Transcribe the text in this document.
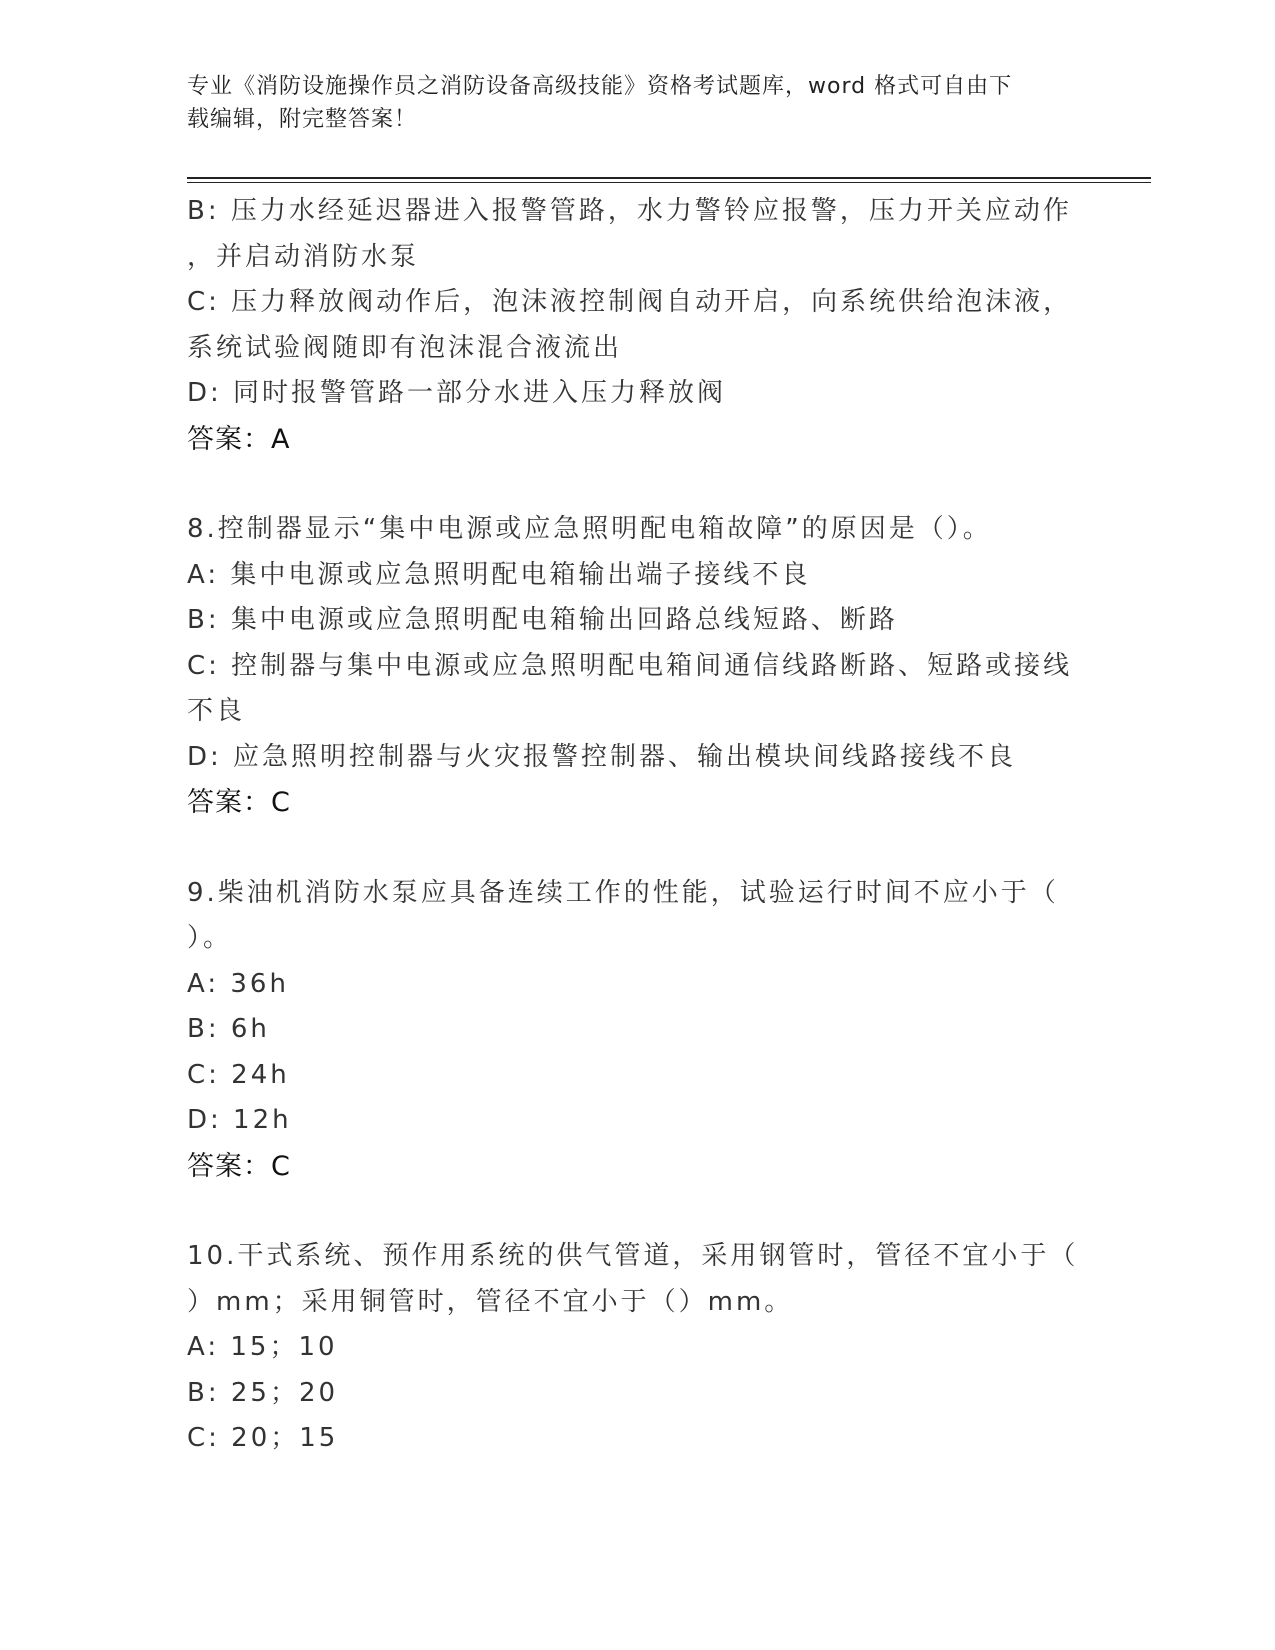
专业《消防设施操作员之消防设备高级技能》资格考试题库，word 格式可自由下
载编辑，附完整答案！
B: 压力水经延迟器进入报警管路，水力警铃应报警，压力开关应动作
，并启动消防水泵
C: 压力释放阀动作后，泡沫液控制阀自动开启，向系统供给泡沫液，
系统试验阀随即有泡沫混合液流出
D: 同时报警管路一部分水进入压力释放阀
答案：A
8.控制器显示“集中电源或应急照明配电箱故障”的原因是（）。
A: 集中电源或应急照明配电箱输出端子接线不良
B: 集中电源或应急照明配电箱输出回路总线短路、断路
C: 控制器与集中电源或应急照明配电箱间通信线路断路、短路或接线
不良
D: 应急照明控制器与火灾报警控制器、输出模块间线路接线不良
答案：C
9.柴油机消防水泵应具备连续工作的性能，试验运行时间不应小于（
）。
A: 36h
B: 6h
C: 24h
D: 12h
答案：C
10.干式系统、预作用系统的供气管道，采用钢管时，管径不宜小于（
）mm；采用铜管时，管径不宜小于（）mm。
A: 15；10
B: 25；20
C: 20；15
